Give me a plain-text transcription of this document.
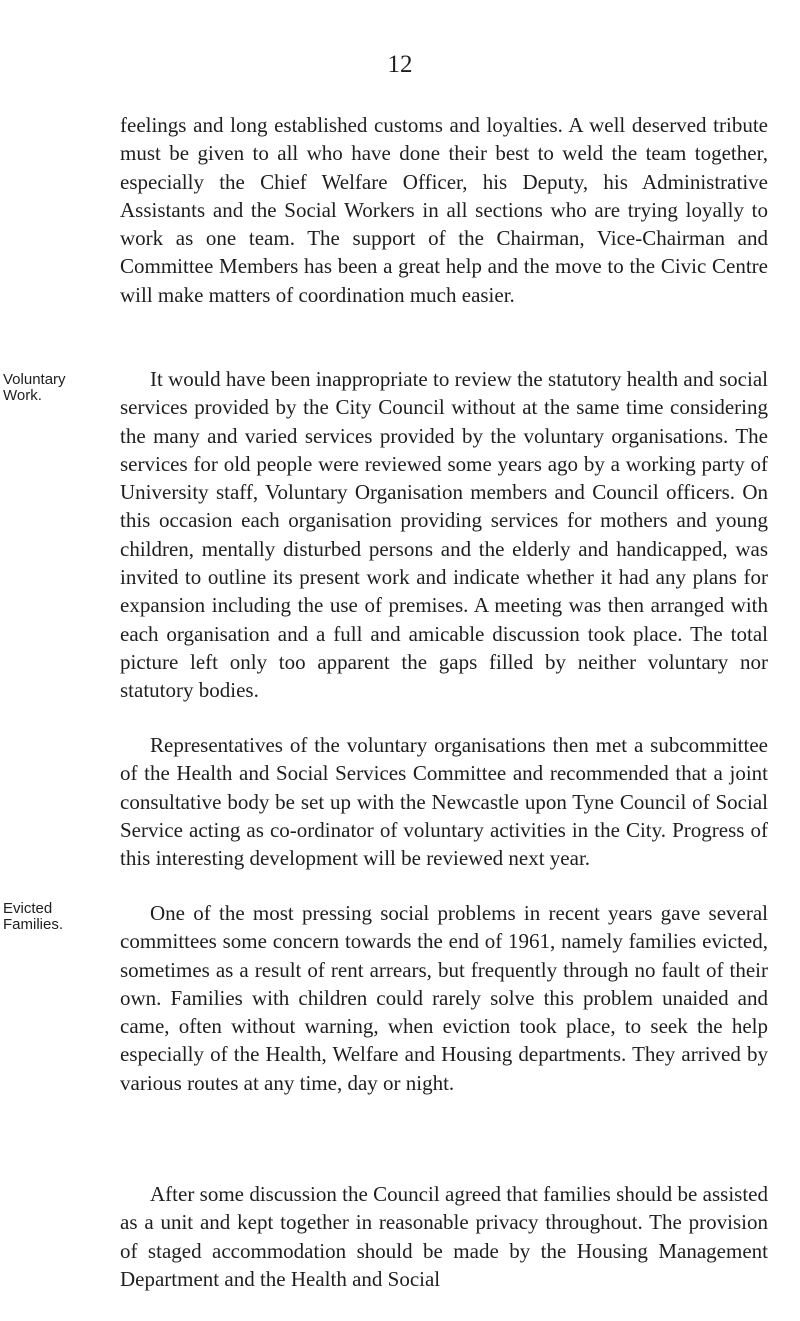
12

feelings and long established customs and loyalties. A well deserved tribute must be given to all who have done their best to weld the team together, especially the Chief Welfare Officer, his Deputy, his Administrative Assistants and the Social Workers in all sections who are trying loyally to work as one team. The support of the Chairman, Vice-Chairman and Committee Members has been a great help and the move to the Civic Centre will make matters of coordination much easier.

Voluntary
Work.

It would have been inappropriate to review the statutory health and social services provided by the City Council without at the same time considering the many and varied services provided by the voluntary organisations. The services for old people were reviewed some years ago by a working party of University staff, Voluntary Organisation members and Council officers. On this occasion each organisation providing services for mothers and young children, mentally disturbed persons and the elderly and handicapped, was invited to outline its present work and indicate whether it had any plans for expansion including the use of premises. A meeting was then arranged with each organisation and a full and amicable discussion took place. The total picture left only too apparent the gaps filled by neither voluntary nor statutory bodies.

Representatives of the voluntary organisations then met a subcommittee of the Health and Social Services Committee and recommended that a joint consultative body be set up with the Newcastle upon Tyne Council of Social Service acting as co-ordinator of voluntary activities in the City. Progress of this interesting development will be reviewed next year.

Evicted
Families.	One of the most pressing social problems in recent years gave several committees some concern towards the end of 1961, namely families evicted, sometimes as a result of rent arrears, but frequently through no fault of their own. Families with children could rarely solve this problem unaided and came, often without warning, when eviction took place, to seek the help especially of the Health, Welfare and Housing departments. They arrived by various routes at any time, day or night.

After some discussion the Council agreed that families should be assisted as a unit and kept together in reasonable privacy throughout. The provision of staged accommodation should be made by the Housing Management Department and the Health and Social
